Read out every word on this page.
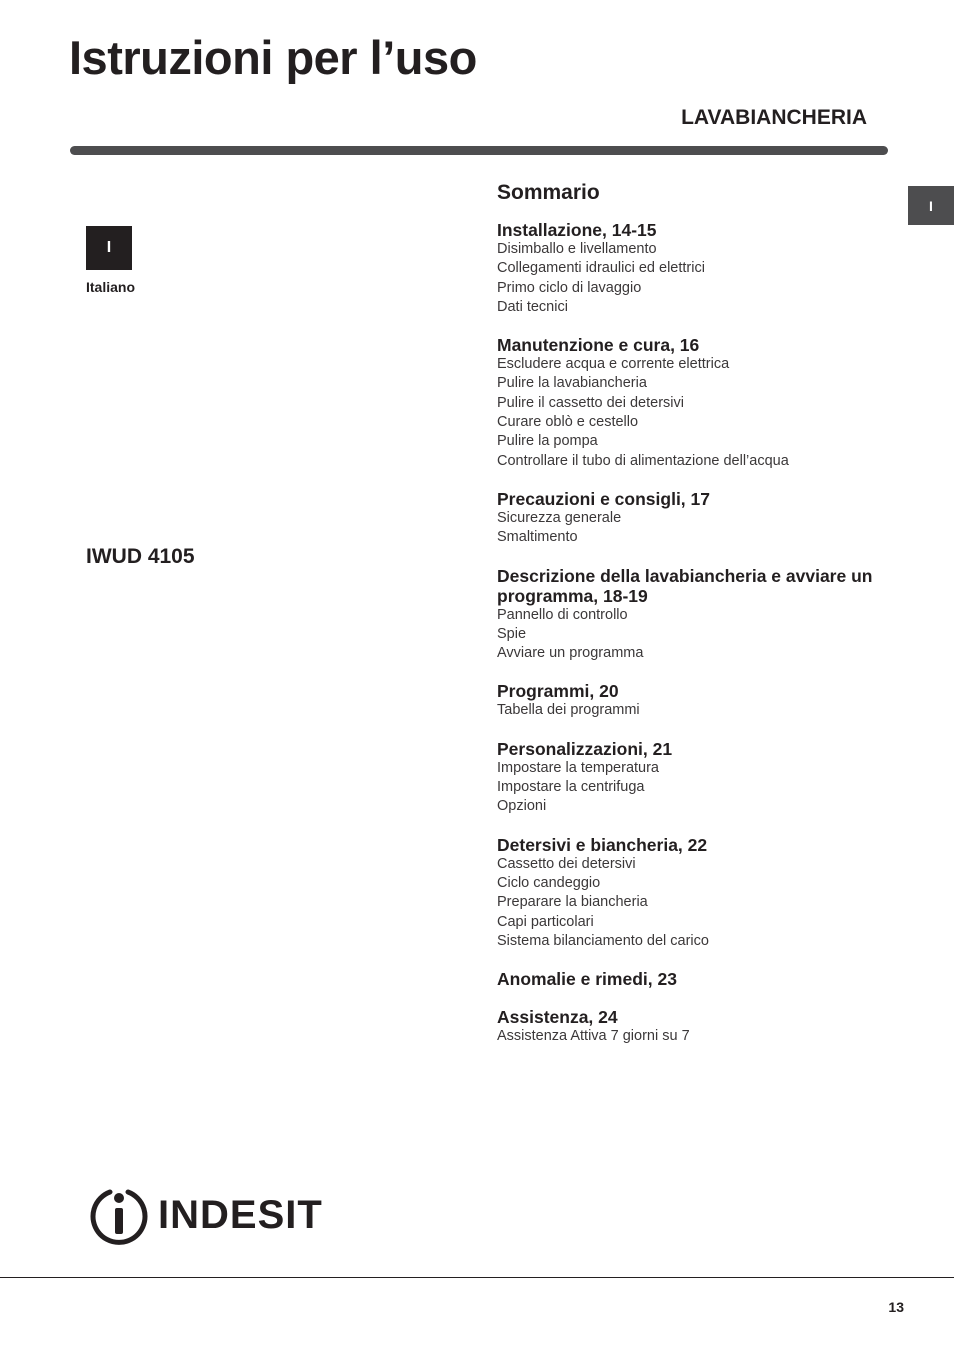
Istruzioni per l’uso
LAVABIANCHERIA
I
Italiano
I
IWUD 4105
Sommario
Installazione, 14-15
Disimballo e livellamento
Collegamenti idraulici ed elettrici
Primo ciclo di lavaggio
Dati tecnici
Manutenzione e cura, 16
Escludere acqua e corrente elettrica
Pulire la lavabiancheria
Pulire il cassetto dei detersivi
Curare oblò e cestello
Pulire la pompa
Controllare il tubo di alimentazione dell’acqua
Precauzioni e consigli, 17
Sicurezza generale
Smaltimento
Descrizione della lavabiancheria e avviare un programma, 18-19
Pannello di controllo
Spie
Avviare un programma
Programmi, 20
Tabella dei programmi
Personalizzazioni, 21
Impostare la temperatura
Impostare la centrifuga
Opzioni
Detersivi e biancheria, 22
Cassetto dei detersivi
Ciclo candeggio
Preparare la biancheria
Capi particolari
Sistema bilanciamento del carico
Anomalie e rimedi, 23
Assistenza, 24
Assistenza Attiva 7 giorni su 7
INDESIT
13
